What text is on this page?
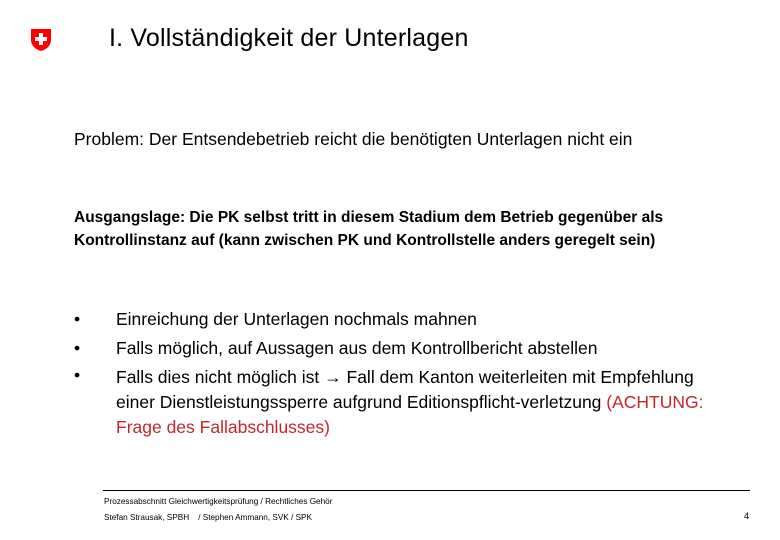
I. Vollständigkeit der Unterlagen

Problem: Der Entsendebetrieb reicht die benötigten Unterlagen nicht ein

Ausgangslage: Die PK selbst tritt in diesem Stadium dem Betrieb gegenüber als Kontrollinstanz auf (kann zwischen PK und Kontrollstelle anders geregelt sein)

• Einreichung der Unterlagen nochmals mahnen
• Falls möglich, auf Aussagen aus dem Kontrollbericht abstellen
• Falls dies nicht möglich ist → Fall dem Kanton weiterleiten mit Empfehlung einer Dienstleistungssperre aufgrund Editionspflicht-verletzung (ACHTUNG: Frage des Fallabschlusses)
Prozessabschnitt Gleichwertigkeitsprüfung / Rechtliches Gehör
Stefan Strausak, SPBH    / Stephen Ammann, SVK / SPK	4
